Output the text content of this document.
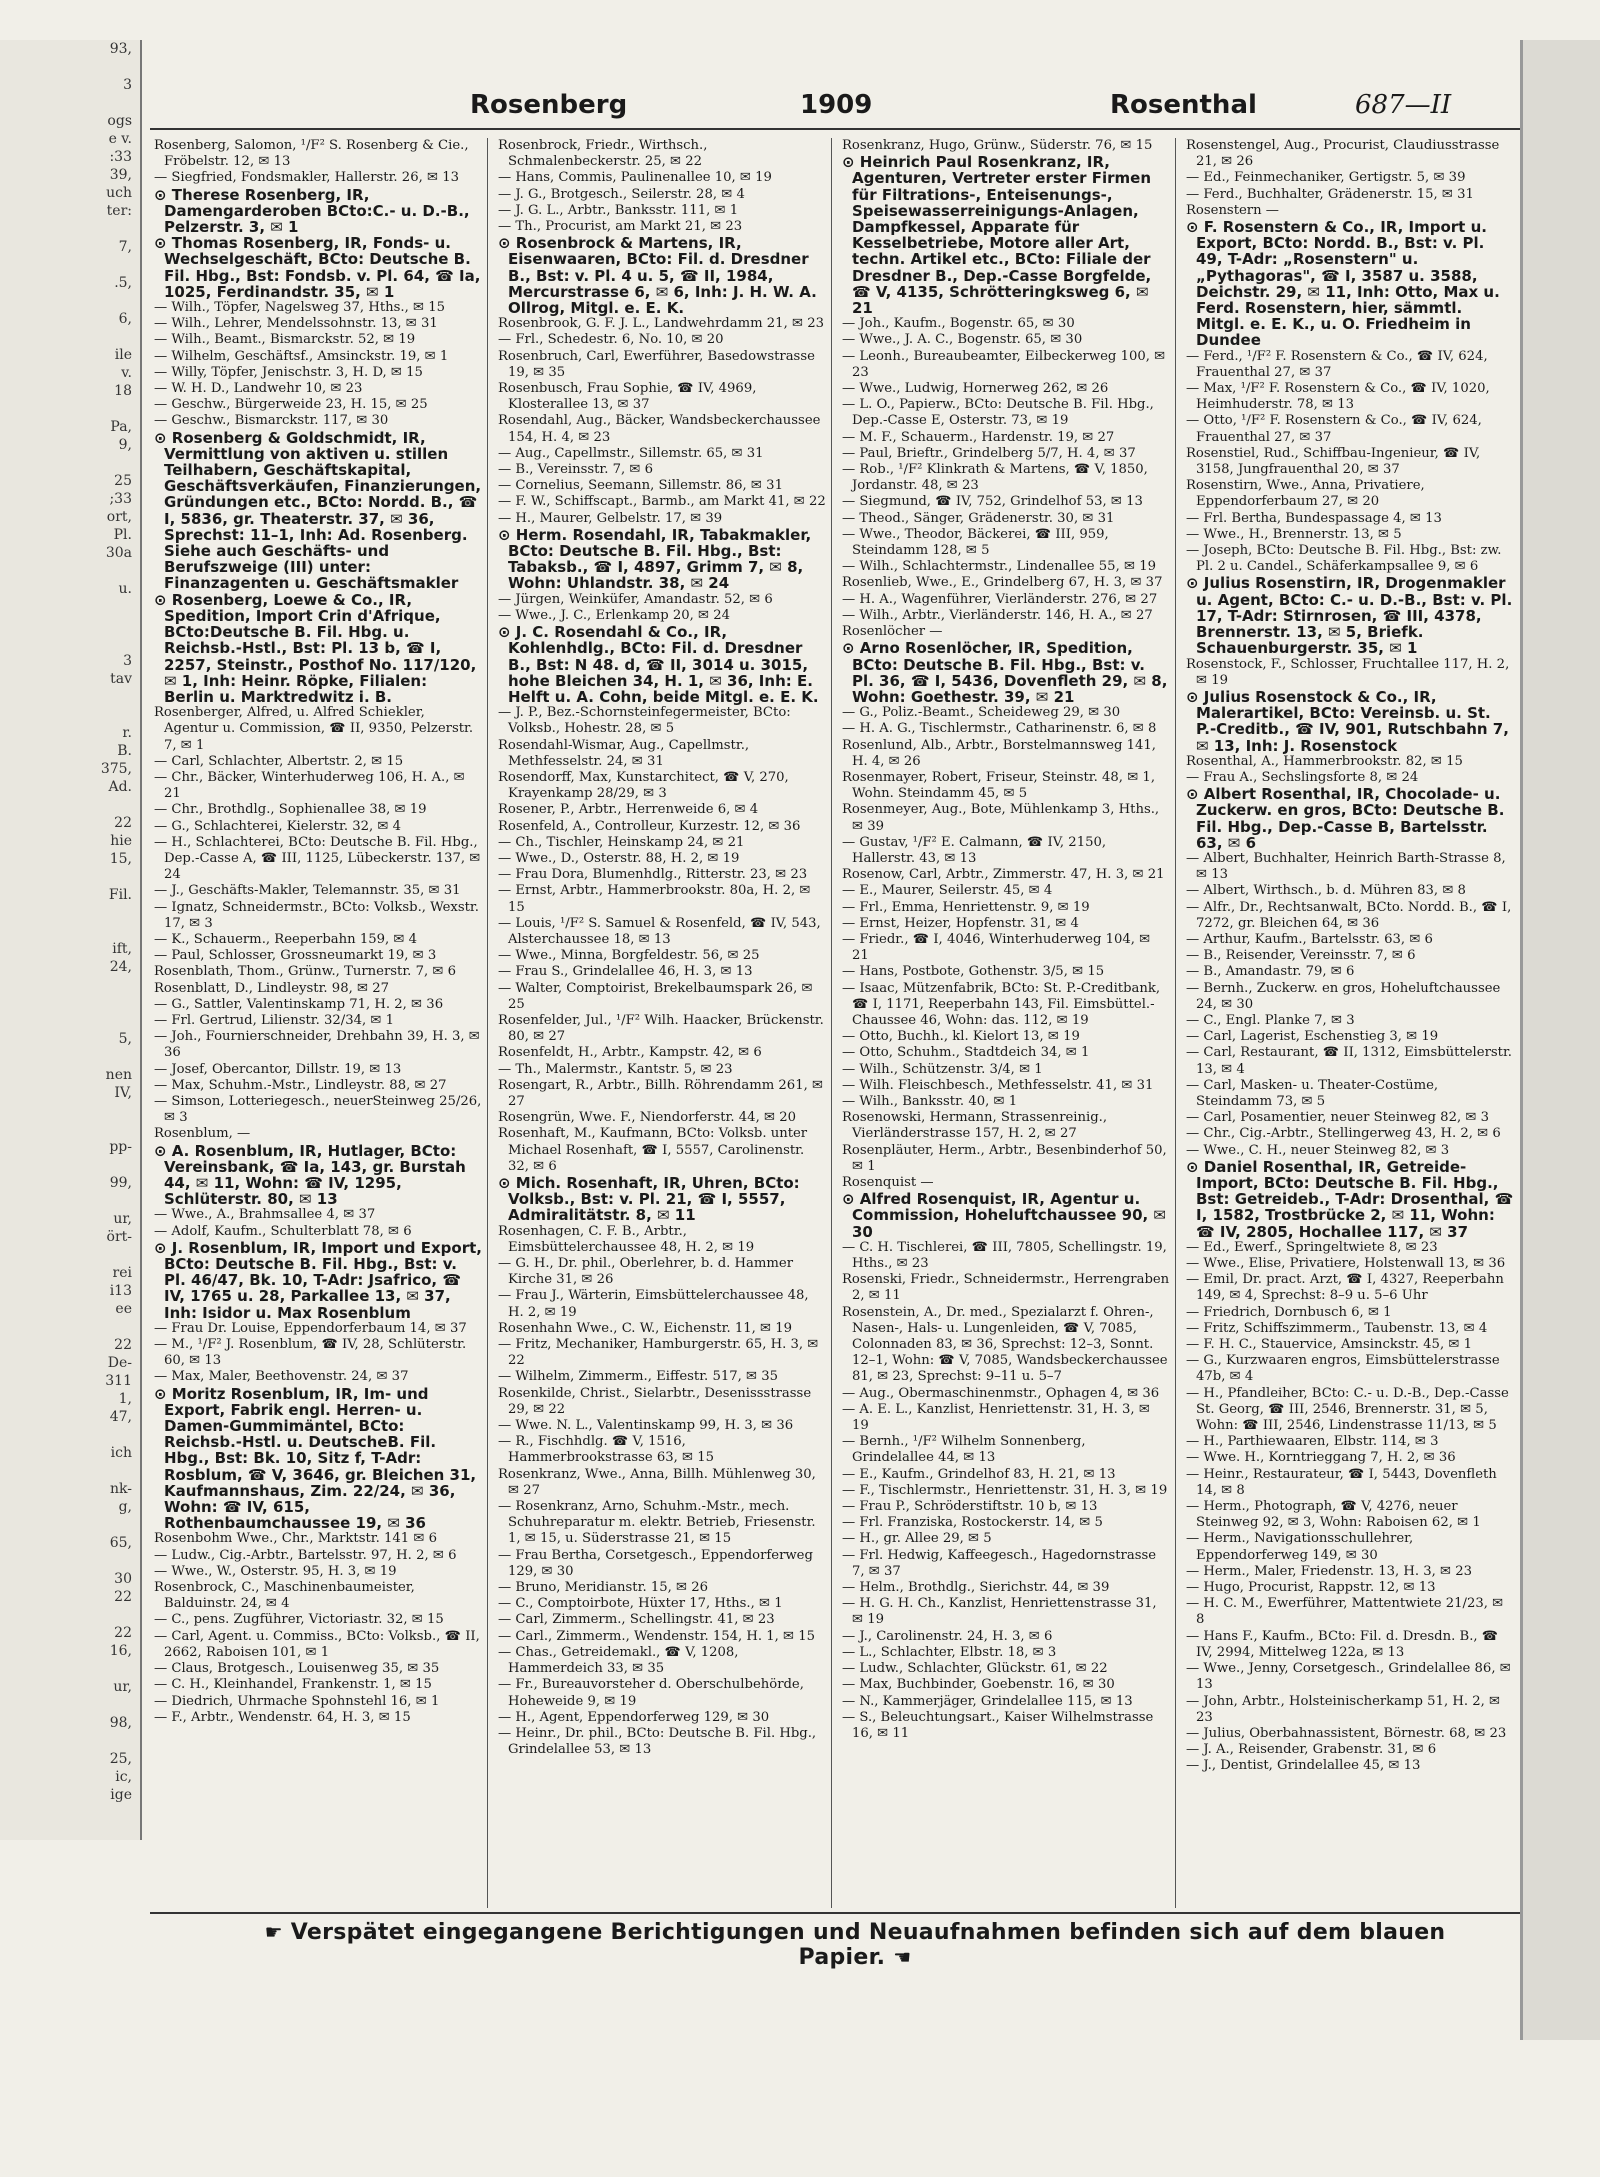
93,

3

ogs
e v.
:33
39,
uch
ter:

7,

.5,

6,

ile
v.
18

Pa,
9,

25
;33
ort,
Pl.
30a

u.

3
tav

r.
B.
375,
Ad.

22
hie
15,

Fil.

ift,
24,

5,

nen
IV,

pp-

99,

ur,
ört-

rei
i13
ee

22
De-
311
1,
47,

ich

nk-
g,

65,

30
22

22
16,

ur,

98,

25,
ic,
ige
Rosenberg	1909	Rosenthal	687—II

Rosenberg, Salomon, ¹/F² S. Rosenberg & Cie., Fröbelstr. 12, ✉ 13

— Siegfried, Fondsmakler, Hallerstr. 26, ✉ 13

⊙ Therese Rosenberg, IR, Damengarderoben BCto:C.- u. D.-B., Pelzerstr. 3, ✉ 1

⊙ Thomas Rosenberg, IR, Fonds- u. Wechselgeschäft, BCto: Deutsche B. Fil. Hbg., Bst: Fondsb. v. Pl. 64, ☎ Ia, 1025, Ferdinandstr. 35, ✉ 1

— Wilh., Töpfer, Nagelsweg 37, Hths., ✉ 15

— Wilh., Lehrer, Mendelssohnstr. 13, ✉ 31

— Wilh., Beamt., Bismarckstr. 52, ✉ 19

— Wilhelm, Geschäftsf., Amsinckstr. 19, ✉ 1

— Willy, Töpfer, Jenischstr. 3, H. D, ✉ 15

— W. H. D., Landwehr 10, ✉ 23

— Geschw., Bürgerweide 23, H. 15, ✉ 25

— Geschw., Bismarckstr. 117, ✉ 30

⊙ Rosenberg & Goldschmidt, IR, Vermittlung von aktiven u. stillen Teilhabern, Geschäftskapital, Geschäftsverkäufen, Finanzierungen, Gründungen etc., BCto: Nordd. B., ☎ I, 5836, gr. Theaterstr. 37, ✉ 36, Sprechst: 11–1, Inh: Ad. Rosenberg. Siehe auch Geschäfts- und Berufszweige (III) unter: Finanzagenten u. Geschäftsmakler

⊙ Rosenberg, Loewe & Co., IR, Spedition, Import Crin d'Afrique, BCto:Deutsche B. Fil. Hbg. u. Reichsb.-Hstl., Bst: Pl. 13 b, ☎ I, 2257, Steinstr., Posthof No. 117/120, ✉ 1, Inh: Heinr. Röpke, Filialen: Berlin u. Marktredwitz i. B.

Rosenberger, Alfred, u. Alfred Schiekler, Agentur u. Commission, ☎ II, 9350, Pelzerstr. 7, ✉ 1

— Carl, Schlachter, Albertstr. 2, ✉ 15

— Chr., Bäcker, Winterhuderweg 106, H. A., ✉ 21

— Chr., Brothdlg., Sophienallee 38, ✉ 19

— G., Schlachterei, Kielerstr. 32, ✉ 4

— H., Schlachterei, BCto: Deutsche B. Fil. Hbg., Dep.-Casse A, ☎ III, 1125, Lübeckerstr. 137, ✉ 24

— J., Geschäfts-Makler, Telemannstr. 35, ✉ 31

— Ignatz, Schneidermstr., BCto: Volksb., Wexstr. 17, ✉ 3

— K., Schauerm., Reeperbahn 159, ✉ 4

— Paul, Schlosser, Grossneumarkt 19, ✉ 3

Rosenblath, Thom., Grünw., Turnerstr. 7, ✉ 6

Rosenblatt, D., Lindleystr. 98, ✉ 27

— G., Sattler, Valentinskamp 71, H. 2, ✉ 36

— Frl. Gertrud, Lilienstr. 32/34, ✉ 1

— Joh., Fournierschneider, Drehbahn 39, H. 3, ✉ 36

— Josef, Obercantor, Dillstr. 19, ✉ 13

— Max, Schuhm.-Mstr., Lindleystr. 88, ✉ 27

— Simson, Lotteriegesch., neuerSteinweg 25/26, ✉ 3

Rosenblum, —

⊙ A. Rosenblum, IR, Hutlager, BCto: Vereinsbank, ☎ Ia, 143, gr. Burstah 44, ✉ 11, Wohn: ☎ IV, 1295, Schlüterstr. 80, ✉ 13

— Wwe., A., Brahmsallee 4, ✉ 37

— Adolf, Kaufm., Schulterblatt 78, ✉ 6

⊙ J. Rosenblum, IR, Import und Export, BCto: Deutsche B. Fil. Hbg., Bst: v. Pl. 46/47, Bk. 10, T-Adr: Jsafrico, ☎ IV, 1765 u. 28, Parkallee 13, ✉ 37, Inh: Isidor u. Max Rosenblum

— Frau Dr. Louise, Eppendorferbaum 14, ✉ 37

— M., ¹/F² J. Rosenblum, ☎ IV, 28, Schlüterstr. 60, ✉ 13

— Max, Maler, Beethovenstr. 24, ✉ 37

⊙ Moritz Rosenblum, IR, Im- und Export, Fabrik engl. Herren- u. Damen-Gummimäntel, BCto: Reichsb.-Hstl. u. DeutscheB. Fil. Hbg., Bst: Bk. 10, Sitz f, T-Adr: Rosblum, ☎ V, 3646, gr. Bleichen 31, Kaufmannshaus, Zim. 22/24, ✉ 36, Wohn: ☎ IV, 615, Rothenbaumchaussee 19, ✉ 36

Rosenbohm Wwe., Chr., Marktstr. 141 ✉ 6

— Ludw., Cig.-Arbtr., Bartelsstr. 97, H. 2, ✉ 6

— Wwe., W., Osterstr. 95, H. 3, ✉ 19

Rosenbrock, C., Maschinenbaumeister, Balduinstr. 24, ✉ 4

— C., pens. Zugführer, Victoriastr. 32, ✉ 15

— Carl, Agent. u. Commiss., BCto: Volksb., ☎ II, 2662, Raboisen 101, ✉ 1

— Claus, Brotgesch., Louisenweg 35, ✉ 35

— C. H., Kleinhandel, Frankenstr. 1, ✉ 15

— Diedrich, Uhrmache Spohnstehl 16, ✉ 1

— F., Arbtr., Wendenstr. 64, H. 3, ✉ 15

Rosenbrock, Friedr., Wirthsch., Schmalenbeckerstr. 25, ✉ 22

— Hans, Commis, Paulinenallee 10, ✉ 19

— J. G., Brotgesch., Seilerstr. 28, ✉ 4

— J. G. L., Arbtr., Banksstr. 111, ✉ 1

— Th., Procurist, am Markt 21, ✉ 23

⊙ Rosenbrock & Martens, IR, Eisenwaaren, BCto: Fil. d. Dresdner B., Bst: v. Pl. 4 u. 5, ☎ II, 1984, Mercurstrasse 6, ✉ 6, Inh: J. H. W. A. Ollrog, Mitgl. e. E. K.

Rosenbrook, G. F. J. L., Landwehrdamm 21, ✉ 23

— Frl., Schedestr. 6, No. 10, ✉ 20

Rosenbruch, Carl, Ewerführer, Basedowstrasse 19, ✉ 35

Rosenbusch, Frau Sophie, ☎ IV, 4969, Klosterallee 13, ✉ 37

Rosendahl, Aug., Bäcker, Wandsbeckerchaussee 154, H. 4, ✉ 23

— Aug., Capellmstr., Sillemstr. 65, ✉ 31

— B., Vereinsstr. 7, ✉ 6

— Cornelius, Seemann, Sillemstr. 86, ✉ 31

— F. W., Schiffscapt., Barmb., am Markt 41, ✉ 22

— H., Maurer, Gelbelstr. 17, ✉ 39

⊙ Herm. Rosendahl, IR, Tabakmakler, BCto: Deutsche B. Fil. Hbg., Bst: Tabaksb., ☎ I, 4897, Grimm 7, ✉ 8, Wohn: Uhlandstr. 38, ✉ 24

— Jürgen, Weinküfer, Amandastr. 52, ✉ 6

— Wwe., J. C., Erlenkamp 20, ✉ 24

⊙ J. C. Rosendahl & Co., IR, Kohlenhdlg., BCto: Fil. d. Dresdner B., Bst: N 48. d, ☎ II, 3014 u. 3015, hohe Bleichen 34, H. 1, ✉ 36, Inh: E. Helft u. A. Cohn, beide Mitgl. e. E. K.

— J. P., Bez.-Schornsteinfegermeister, BCto: Volksb., Hohestr. 28, ✉ 5

Rosendahl-Wismar, Aug., Capellmstr., Methfesselstr. 24, ✉ 31

Rosendorff, Max, Kunstarchitect, ☎ V, 270, Krayenkamp 28/29, ✉ 3

Rosener, P., Arbtr., Herrenweide 6, ✉ 4

Rosenfeld, A., Controlleur, Kurzestr. 12, ✉ 36

— Ch., Tischler, Heinskamp 24, ✉ 21

— Wwe., D., Osterstr. 88, H. 2, ✉ 19

— Frau Dora, Blumenhdlg., Ritterstr. 23, ✉ 23

— Ernst, Arbtr., Hammerbrookstr. 80a, H. 2, ✉ 15

— Louis, ¹/F² S. Samuel & Rosenfeld, ☎ IV, 543, Alsterchaussee 18, ✉ 13

— Wwe., Minna, Borgfeldestr. 56, ✉ 25

— Frau S., Grindelallee 46, H. 3, ✉ 13

— Walter, Comptoirist, Brekelbaumspark 26, ✉ 25

Rosenfelder, Jul., ¹/F² Wilh. Haacker, Brückenstr. 80, ✉ 27

Rosenfeldt, H., Arbtr., Kampstr. 42, ✉ 6

— Th., Malermstr., Kantstr. 5, ✉ 23

Rosengart, R., Arbtr., Billh. Röhrendamm 261, ✉ 27

Rosengrün, Wwe. F., Niendorferstr. 44, ✉ 20

Rosenhaft, M., Kaufmann, BCto: Volksb. unter Michael Rosenhaft, ☎ I, 5557, Carolinenstr. 32, ✉ 6

⊙ Mich. Rosenhaft, IR, Uhren, BCto: Volksb., Bst: v. Pl. 21, ☎ I, 5557, Admiralitätstr. 8, ✉ 11

Rosenhagen, C. F. B., Arbtr., Eimsbüttelerchaussee 48, H. 2, ✉ 19

— G. H., Dr. phil., Oberlehrer, b. d. Hammer Kirche 31, ✉ 26

— Frau J., Wärterin, Eimsbüttelerchaussee 48, H. 2, ✉ 19

Rosenhahn Wwe., C. W., Eichenstr. 11, ✉ 19

— Fritz, Mechaniker, Hamburgerstr. 65, H. 3, ✉ 22

— Wilhelm, Zimmerm., Eiffestr. 517, ✉ 35

Rosenkilde, Christ., Sielarbtr., Desenissstrasse 29, ✉ 22

— Wwe. N. L., Valentinskamp 99, H. 3, ✉ 36

— R., Fischhdlg. ☎ V, 1516, Hammerbrookstrasse 63, ✉ 15

Rosenkranz, Wwe., Anna, Billh. Mühlenweg 30, ✉ 27

— Rosenkranz, Arno, Schuhm.-Mstr., mech. Schuhreparatur m. elektr. Betrieb, Friesenstr. 1, ✉ 15, u. Süderstrasse 21, ✉ 15

— Frau Bertha, Corsetgesch., Eppendorferweg 129, ✉ 30

— Bruno, Meridianstr. 15, ✉ 26

— C., Comptoirbote, Hüxter 17, Hths., ✉ 1

— Carl, Zimmerm., Schellingstr. 41, ✉ 23

— Carl., Zimmerm., Wendenstr. 154, H. 1, ✉ 15

— Chas., Getreidemakl., ☎ V, 1208, Hammerdeich 33, ✉ 35

— Fr., Bureauvorsteher d. Oberschulbehörde, Hoheweide 9, ✉ 19

— H., Agent, Eppendorferweg 129, ✉ 30

— Heinr., Dr. phil., BCto: Deutsche B. Fil. Hbg., Grindelallee 53, ✉ 13

Rosenkranz, Hugo, Grünw., Süderstr. 76, ✉ 15

⊙ Heinrich Paul Rosenkranz, IR, Agenturen, Vertreter erster Firmen für Filtrations-, Enteisenungs-, Speisewasserreinigungs-Anlagen, Dampfkessel, Apparate für Kesselbetriebe, Motore aller Art, techn. Artikel etc., BCto: Filiale der Dresdner B., Dep.-Casse Borgfelde, ☎ V, 4135, Schrötteringksweg 6, ✉ 21

— Joh., Kaufm., Bogenstr. 65, ✉ 30

— Wwe., J. A. C., Bogenstr. 65, ✉ 30

— Leonh., Bureaubeamter, Eilbeckerweg 100, ✉ 23

— Wwe., Ludwig, Hornerweg 262, ✉ 26

— L. O., Papierw., BCto: Deutsche B. Fil. Hbg., Dep.-Casse E, Osterstr. 73, ✉ 19

— M. F., Schauerm., Hardenstr. 19, ✉ 27

— Paul, Brieftr., Grindelberg 5/7, H. 4, ✉ 37

— Rob., ¹/F² Klinkrath & Martens, ☎ V, 1850, Jordanstr. 48, ✉ 23

— Siegmund, ☎ IV, 752, Grindelhof 53, ✉ 13

— Theod., Sänger, Grädenerstr. 30, ✉ 31

— Wwe., Theodor, Bäckerei, ☎ III, 959, Steindamm 128, ✉ 5

— Wilh., Schlachtermstr., Lindenallee 55, ✉ 19

Rosenlieb, Wwe., E., Grindelberg 67, H. 3, ✉ 37

— H. A., Wagenführer, Vierländerstr. 276, ✉ 27

— Wilh., Arbtr., Vierländerstr. 146, H. A., ✉ 27

Rosenlöcher —

⊙ Arno Rosenlöcher, IR, Spedition, BCto: Deutsche B. Fil. Hbg., Bst: v. Pl. 36, ☎ I, 5436, Dovenfleth 29, ✉ 8, Wohn: Goethestr. 39, ✉ 21

— G., Poliz.-Beamt., Scheideweg 29, ✉ 30

— H. A. G., Tischlermstr., Catharinenstr. 6, ✉ 8

Rosenlund, Alb., Arbtr., Borstelmannsweg 141, H. 4, ✉ 26

Rosenmayer, Robert, Friseur, Steinstr. 48, ✉ 1, Wohn. Steindamm 45, ✉ 5

Rosenmeyer, Aug., Bote, Mühlenkamp 3, Hths., ✉ 39

— Gustav, ¹/F² E. Calmann, ☎ IV, 2150, Hallerstr. 43, ✉ 13

Rosenow, Carl, Arbtr., Zimmerstr. 47, H. 3, ✉ 21

— E., Maurer, Seilerstr. 45, ✉ 4

— Frl., Emma, Henriettenstr. 9, ✉ 19

— Ernst, Heizer, Hopfenstr. 31, ✉ 4

— Friedr., ☎ I, 4046, Winterhuderweg 104, ✉ 21

— Hans, Postbote, Gothenstr. 3/5, ✉ 15

— Isaac, Mützenfabrik, BCto: St. P.-Creditbank, ☎ I, 1171, Reeperbahn 143, Fil. Eimsbüttel.-Chaussee 46, Wohn: das. 112, ✉ 19

— Otto, Buchh., kl. Kielort 13, ✉ 19

— Otto, Schuhm., Stadtdeich 34, ✉ 1

— Wilh., Schützenstr. 3/4, ✉ 1

— Wilh. Fleischbesch., Methfesselstr. 41, ✉ 31

— Wilh., Banksstr. 40, ✉ 1

Rosenowski, Hermann, Strassenreinig., Vierländerstrasse 157, H. 2, ✉ 27

Rosenpläuter, Herm., Arbtr., Besenbinderhof 50, ✉ 1

Rosenquist —

⊙ Alfred Rosenquist, IR, Agentur u. Commission, Hoheluftchaussee 90, ✉ 30

— C. H. Tischlerei, ☎ III, 7805, Schellingstr. 19, Hths., ✉ 23

Rosenski, Friedr., Schneidermstr., Herrengraben 2, ✉ 11

Rosenstein, A., Dr. med., Spezialarzt f. Ohren-, Nasen-, Hals- u. Lungenleiden, ☎ V, 7085, Colonnaden 83, ✉ 36, Sprechst: 12–3, Sonnt. 12–1, Wohn: ☎ V, 7085, Wandsbeckerchaussee 81, ✉ 23, Sprechst: 9–11 u. 5–7

— Aug., Obermaschinenmstr., Ophagen 4, ✉ 36

— A. E. L., Kanzlist, Henriettenstr. 31, H. 3, ✉ 19

— Bernh., ¹/F² Wilhelm Sonnenberg, Grindelallee 44, ✉ 13

— E., Kaufm., Grindelhof 83, H. 21, ✉ 13

— F., Tischlermstr., Henriettenstr. 31, H. 3, ✉ 19

— Frau P., Schröderstiftstr. 10 b, ✉ 13

— Frl. Franziska, Rostockerstr. 14, ✉ 5

— H., gr. Allee 29, ✉ 5

— Frl. Hedwig, Kaffeegesch., Hagedornstrasse 7, ✉ 37

— Helm., Brothdlg., Sierichstr. 44, ✉ 39

— H. G. H. Ch., Kanzlist, Henriettenstrasse 31, ✉ 19

— J., Carolinenstr. 24, H. 3, ✉ 6

— L., Schlachter, Elbstr. 18, ✉ 3

— Ludw., Schlachter, Glückstr. 61, ✉ 22

— Max, Buchbinder, Goebenstr. 16, ✉ 30

— N., Kammerjäger, Grindelallee 115, ✉ 13

— S., Beleuchtungsart., Kaiser Wilhelmstrasse 16, ✉ 11

Rosenstengel, Aug., Procurist, Claudiusstrasse 21, ✉ 26

— Ed., Feinmechaniker, Gertigstr. 5, ✉ 39

— Ferd., Buchhalter, Grädenerstr. 15, ✉ 31

Rosenstern —

⊙ F. Rosenstern & Co., IR, Import u. Export, BCto: Nordd. B., Bst: v. Pl. 49, T-Adr: „Rosenstern" u. „Pythagoras", ☎ I, 3587 u. 3588, Deichstr. 29, ✉ 11, Inh: Otto, Max u. Ferd. Rosenstern, hier, sämmtl. Mitgl. e. E. K., u. O. Friedheim in Dundee

— Ferd., ¹/F² F. Rosenstern & Co., ☎ IV, 624, Frauenthal 27, ✉ 37

— Max, ¹/F² F. Rosenstern & Co., ☎ IV, 1020, Heimhuderstr. 78, ✉ 13

— Otto, ¹/F² F. Rosenstern & Co., ☎ IV, 624, Frauenthal 27, ✉ 37

Rosenstiel, Rud., Schiffbau-Ingenieur, ☎ IV, 3158, Jungfrauenthal 20, ✉ 37

Rosenstirn, Wwe., Anna, Privatiere, Eppendorferbaum 27, ✉ 20

— Frl. Bertha, Bundespassage 4, ✉ 13

— Wwe., H., Brennerstr. 13, ✉ 5

— Joseph, BCto: Deutsche B. Fil. Hbg., Bst: zw. Pl. 2 u. Candel., Schäferkampsallee 9, ✉ 6

⊙ Julius Rosenstirn, IR, Drogenmakler u. Agent, BCto: C.- u. D.-B., Bst: v. Pl. 17, T-Adr: Stirnrosen, ☎ III, 4378, Brennerstr. 13, ✉ 5, Briefk. Schauenburgerstr. 35, ✉ 1

Rosenstock, F., Schlosser, Fruchtallee 117, H. 2, ✉ 19

⊙ Julius Rosenstock & Co., IR, Malerartikel, BCto: Vereinsb. u. St. P.-Creditb., ☎ IV, 901, Rutschbahn 7, ✉ 13, Inh: J. Rosenstock

Rosenthal, A., Hammerbrookstr. 82, ✉ 15

— Frau A., Sechslingsforte 8, ✉ 24

⊙ Albert Rosenthal, IR, Chocolade- u. Zuckerw. en gros, BCto: Deutsche B. Fil. Hbg., Dep.-Casse B, Bartelsstr. 63, ✉ 6

— Albert, Buchhalter, Heinrich Barth-Strasse 8, ✉ 13

— Albert, Wirthsch., b. d. Mühren 83, ✉ 8

— Alfr., Dr., Rechtsanwalt, BCto. Nordd. B., ☎ I, 7272, gr. Bleichen 64, ✉ 36

— Arthur, Kaufm., Bartelsstr. 63, ✉ 6

— B., Reisender, Vereinsstr. 7, ✉ 6

— B., Amandastr. 79, ✉ 6

— Bernh., Zuckerw. en gros, Hoheluftchaussee 24, ✉ 30

— C., Engl. Planke 7, ✉ 3

— Carl, Lagerist, Eschenstieg 3, ✉ 19

— Carl, Restaurant, ☎ II, 1312, Eimsbüttelerstr. 13, ✉ 4

— Carl, Masken- u. Theater-Costüme, Steindamm 73, ✉ 5

— Carl, Posamentier, neuer Steinweg 82, ✉ 3

— Chr., Cig.-Arbtr., Stellingerweg 43, H. 2, ✉ 6

— Wwe., C. H., neuer Steinweg 82, ✉ 3

⊙ Daniel Rosenthal, IR, Getreide-Import, BCto: Deutsche B. Fil. Hbg., Bst: Getreideb., T-Adr: Drosenthal, ☎ I, 1582, Trostbrücke 2, ✉ 11, Wohn: ☎ IV, 2805, Hochallee 117, ✉ 37

— Ed., Ewerf., Springeltwiete 8, ✉ 23

— Wwe., Elise, Privatiere, Holstenwall 13, ✉ 36

— Emil, Dr. pract. Arzt, ☎ I, 4327, Reeperbahn 149, ✉ 4, Sprechst: 8–9 u. 5–6 Uhr

— Friedrich, Dornbusch 6, ✉ 1

— Fritz, Schiffszimmerm., Taubenstr. 13, ✉ 4

— F. H. C., Stauervice, Amsinckstr. 45, ✉ 1

— G., Kurzwaaren engros, Eimsbüttelerstrasse 47b, ✉ 4

— H., Pfandleiher, BCto: C.- u. D.-B., Dep.-Casse St. Georg, ☎ III, 2546, Brennerstr. 31, ✉ 5, Wohn: ☎ III, 2546, Lindenstrasse 11/13, ✉ 5

— H., Parthiewaaren, Elbstr. 114, ✉ 3

— Wwe. H., Korntrieggang 7, H. 2, ✉ 36

— Heinr., Restaurateur, ☎ I, 5443, Dovenfleth 14, ✉ 8

— Herm., Photograph, ☎ V, 4276, neuer Steinweg 92, ✉ 3, Wohn: Raboisen 62, ✉ 1

— Herm., Navigationsschullehrer, Eppendorferweg 149, ✉ 30

— Herm., Maler, Friedenstr. 13, H. 3, ✉ 23

— Hugo, Procurist, Rappstr. 12, ✉ 13

— H. C. M., Ewerführer, Mattentwiete 21/23, ✉ 8

— Hans F., Kaufm., BCto: Fil. d. Dresdn. B., ☎ IV, 2994, Mittelweg 122a, ✉ 13

— Wwe., Jenny, Corsetgesch., Grindelallee 86, ✉ 13

— John, Arbtr., Holsteinischerkamp 51, H. 2, ✉ 23

— Julius, Oberbahnassistent, Börnestr. 68, ✉ 23

— J. A., Reisender, Grabenstr. 31, ✉ 6

— J., Dentist, Grindelallee 45, ✉ 13

☛ Verspätet eingegangene Berichtigungen und Neuaufnahmen befinden sich auf dem blauen Papier. ☚
